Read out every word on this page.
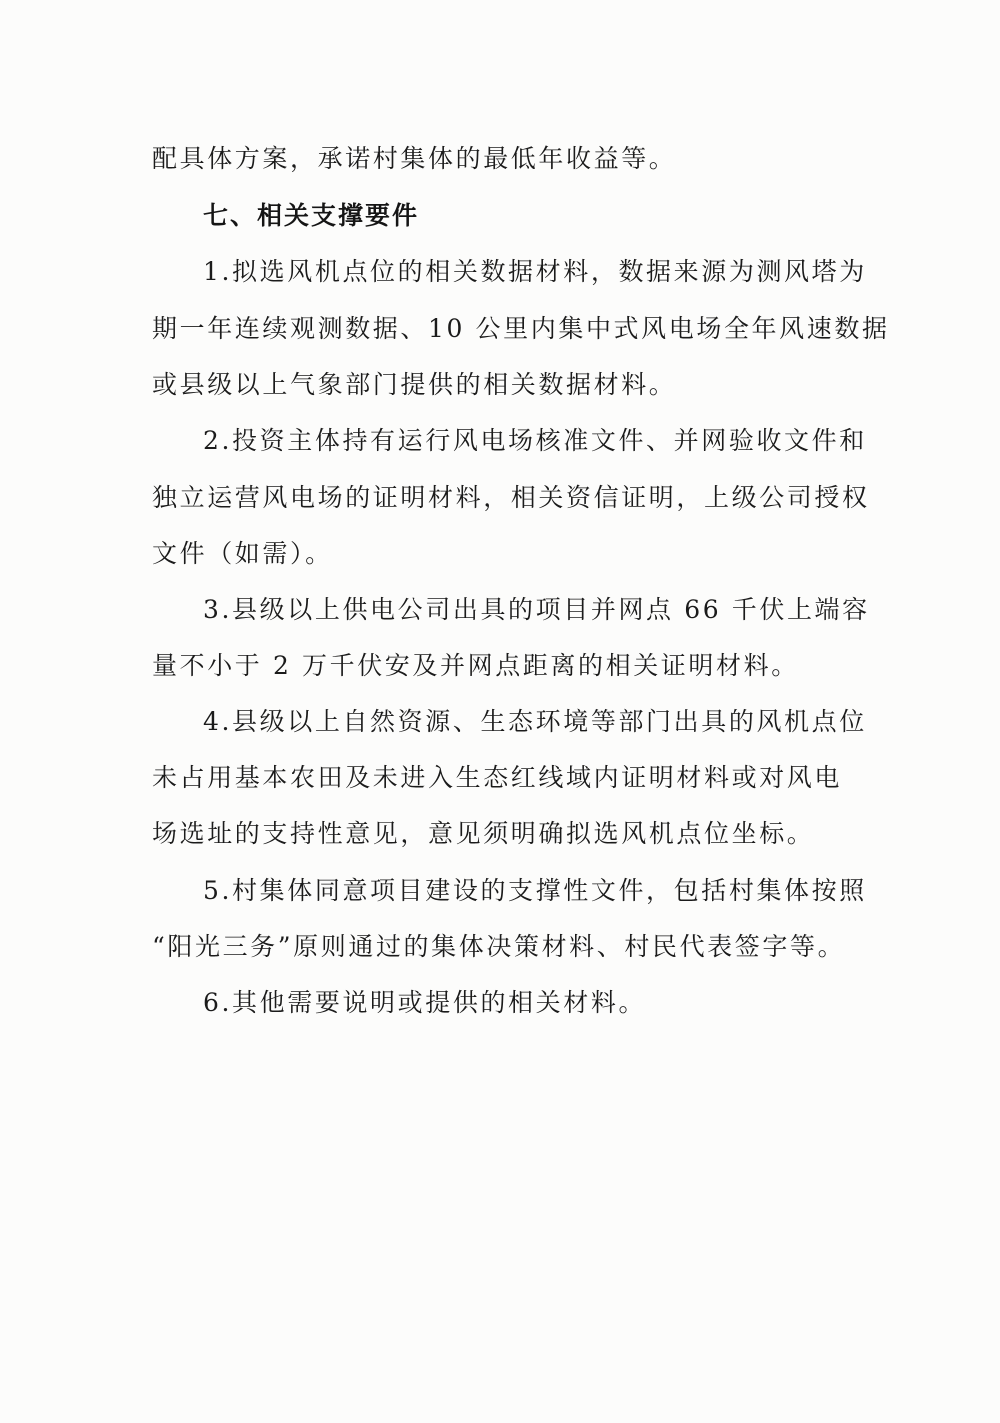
配具体方案，承诺村集体的最低年收益等。

七、相关支撑要件

1.拟选风机点位的相关数据材料，数据来源为测风塔为

期一年连续观测数据、10 公里内集中式风电场全年风速数据

或县级以上气象部门提供的相关数据材料。

2.投资主体持有运行风电场核准文件、并网验收文件和

独立运营风电场的证明材料，相关资信证明，上级公司授权

文件（如需）。

3.县级以上供电公司出具的项目并网点 66 千伏上端容

量不小于 2 万千伏安及并网点距离的相关证明材料。

4.县级以上自然资源、生态环境等部门出具的风机点位

未占用基本农田及未进入生态红线域内证明材料或对风电

场选址的支持性意见，意见须明确拟选风机点位坐标。

5.村集体同意项目建设的支撑性文件，包括村集体按照

“阳光三务”原则通过的集体决策材料、村民代表签字等。

6.其他需要说明或提供的相关材料。
